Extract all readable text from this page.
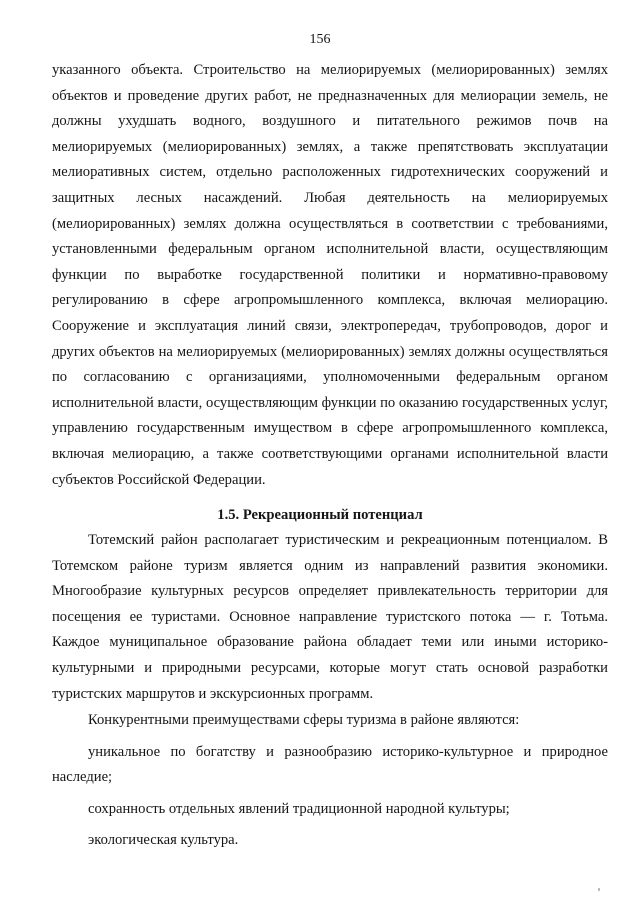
156

указанного объекта. Строительство на мелиорируемых (мелиорированных) землях объектов и проведение других работ, не предназначенных для мелиорации земель, не должны ухудшать водного, воздушного и питательного режимов почв на мелиорируемых (мелиорированных) землях, а также препятствовать эксплуатации мелиоративных систем, отдельно расположенных гидротехнических сооружений и защитных лесных насаждений. Любая деятельность на мелиорируемых (мелиорированных) землях должна осуществляться в соответствии с требованиями, установленными федеральным органом исполнительной власти, осуществляющим функции по выработке государственной политики и нормативно-правовому регулированию в сфере агропромышленного комплекса, включая мелиорацию. Сооружение и эксплуатация линий связи, электропередач, трубопроводов, дорог и других объектов на мелиорируемых (мелиорированных) землях должны осуществляться по согласованию с организациями, уполномоченными федеральным органом исполнительной власти, осуществляющим функции по оказанию государственных услуг, управлению государственным имуществом в сфере агропромышленного комплекса, включая мелиорацию, а также соответствующими органами исполнительной власти субъектов Российской Федерации.

1.5. Рекреационный потенциал

Тотемский район располагает туристическим и рекреационным потенциалом. В Тотемском районе туризм является одним из направлений развития экономики. Многообразие культурных ресурсов определяет привлекательность территории для посещения ее туристами. Основное направление туристского потока — г. Тотьма. Каждое муниципальное образование района обладает теми или иными историко-культурными и природными ресурсами, которые могут стать основой разработки туристских маршрутов и экскурсионных программ.

Конкурентными преимуществами сферы туризма в районе являются:

уникальное по богатству и разнообразию историко-культурное и природное наследие;

сохранность отдельных явлений традиционной народной культуры;

экологическая культура.
